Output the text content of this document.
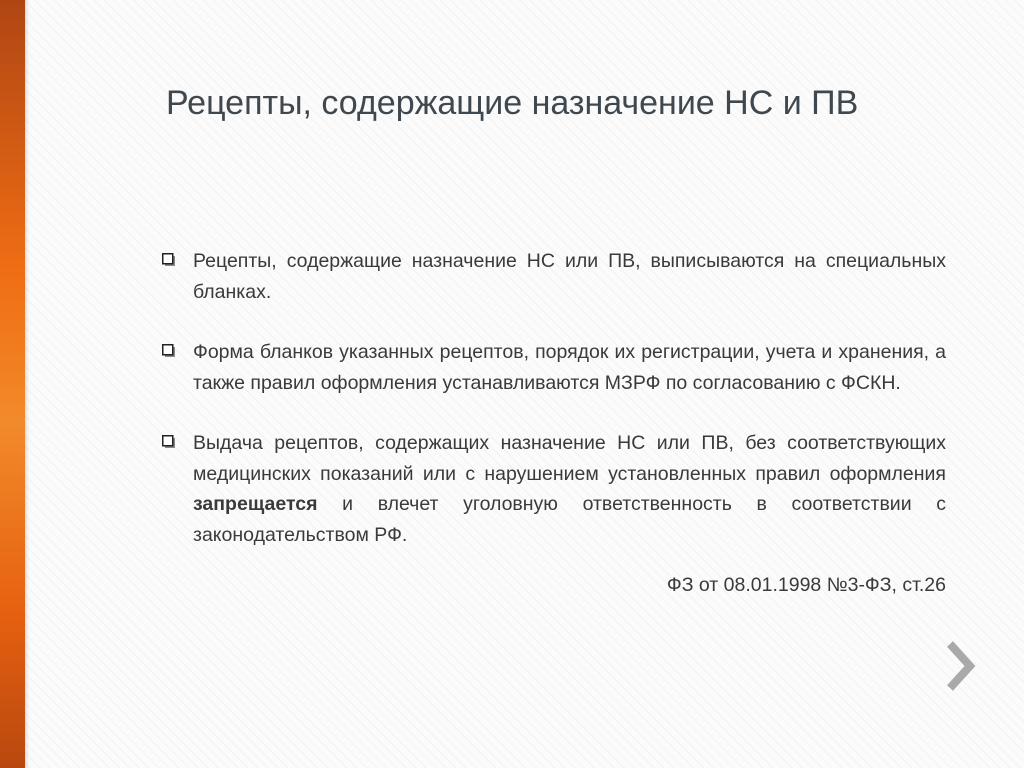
Рецепты, содержащие назначение НС и ПВ
Рецепты, содержащие назначение НС или ПВ, выписываются на специальных бланках.
Форма бланков указанных рецептов, порядок их регистрации, учета и хранения, а также правил оформления устанавливаются МЗРФ по согласованию с ФСКН.
Выдача рецептов, содержащих назначение НС или ПВ, без соответствующих медицинских показаний или с нарушением установленных правил оформления запрещается и влечет уголовную ответственность в соответствии с законодательством РФ.
ФЗ от 08.01.1998 №3-ФЗ, ст.26
